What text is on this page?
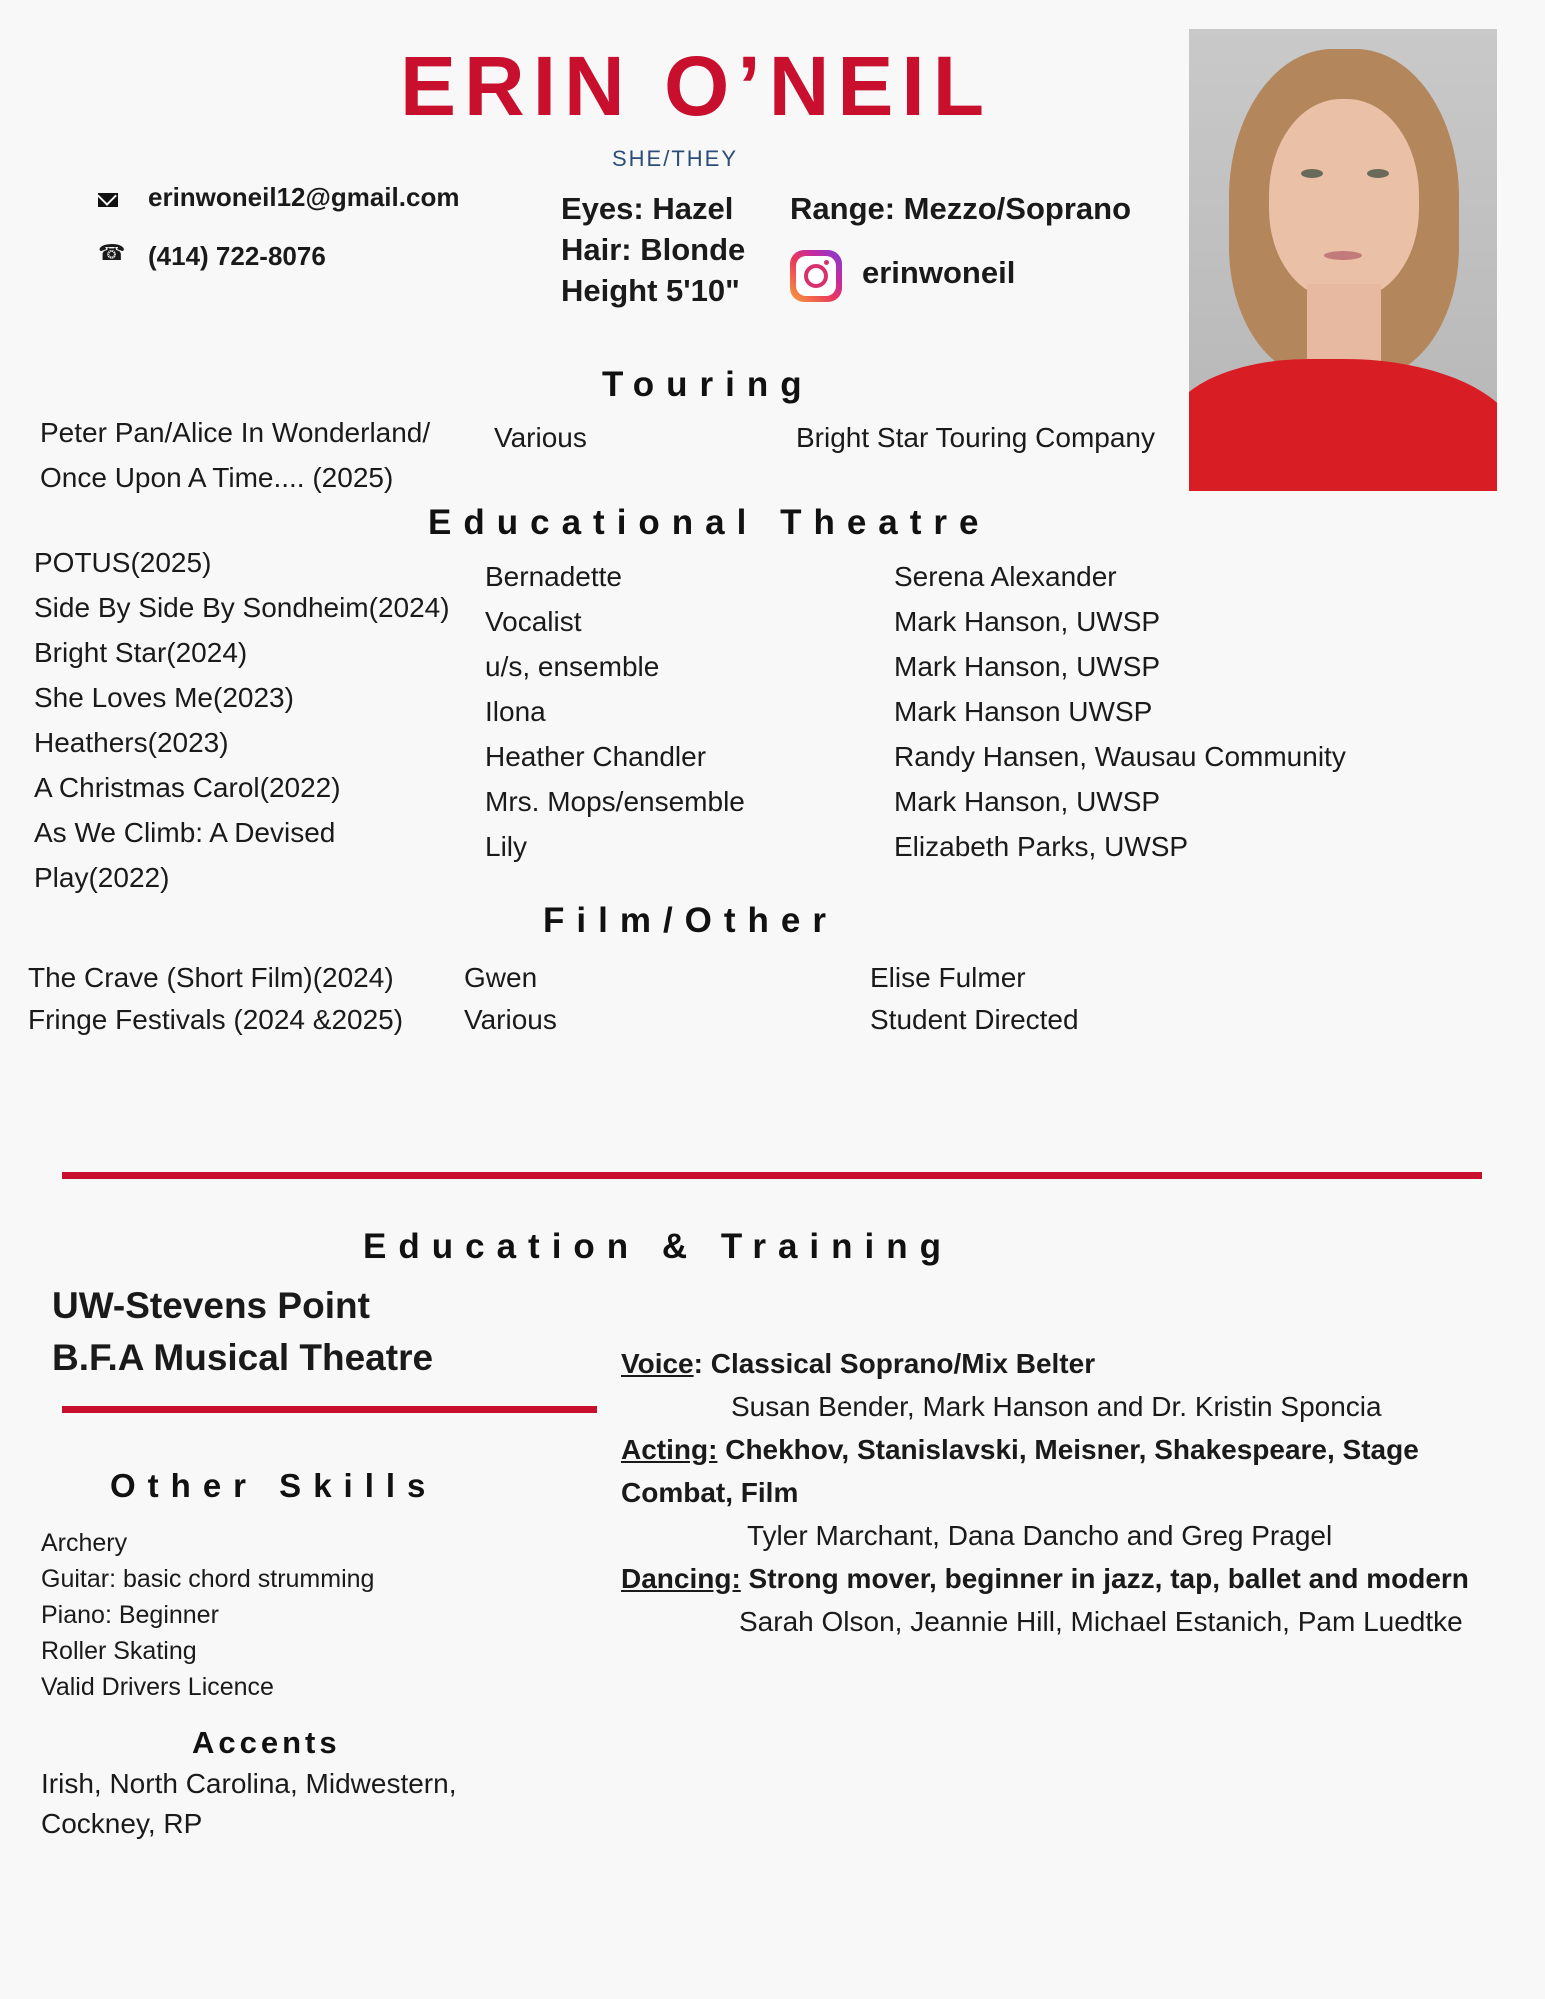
ERIN O’NEIL
SHE/THEY
erinwoneil12@gmail.com
☎ (414) 722-8076
Eyes: Hazel
Hair: Blonde
Height 5'10"
Range: Mezzo/Soprano
erinwoneil
Touring
Peter Pan/Alice In Wonderland/
Once Upon A Time.... (2025)
Various	Bright Star Touring Company
Educational Theatre
POTUS(2025)
Side By Side By Sondheim(2024)
Bright Star(2024)
She Loves Me(2023)
Heathers(2023)
A Christmas Carol(2022)
As We Climb: A Devised
Play(2022)
Bernadette
Vocalist
u/s, ensemble
Ilona
Heather Chandler
Mrs. Mops/ensemble
Lily
Serena Alexander
Mark Hanson, UWSP
Mark Hanson, UWSP
Mark Hanson UWSP
Randy Hansen, Wausau Community
Mark Hanson, UWSP
Elizabeth Parks, UWSP
Film/Other
The Crave (Short Film)(2024)
Fringe Festivals (2024 &2025)
Gwen
Various
Elise Fulmer
Student Directed
Education & Training
UW-Stevens Point
B.F.A Musical Theatre	Voice: Classical Soprano/Mix Belter
Susan Bender, Mark Hanson and Dr. Kristin Sponcia
Acting: Chekhov, Stanislavski, Meisner, Shakespeare, Stage Combat, Film
Tyler Marchant, Dana Dancho and Greg Pragel
Dancing: Strong mover, beginner in jazz, tap, ballet and modern
Sarah Olson, Jeannie Hill, Michael Estanich, Pam Luedtke
Other Skills
Archery
Guitar: basic chord strumming
Piano: Beginner
Roller Skating
Valid Drivers Licence
Accents
Irish, North Carolina, Midwestern,
Cockney, RP
